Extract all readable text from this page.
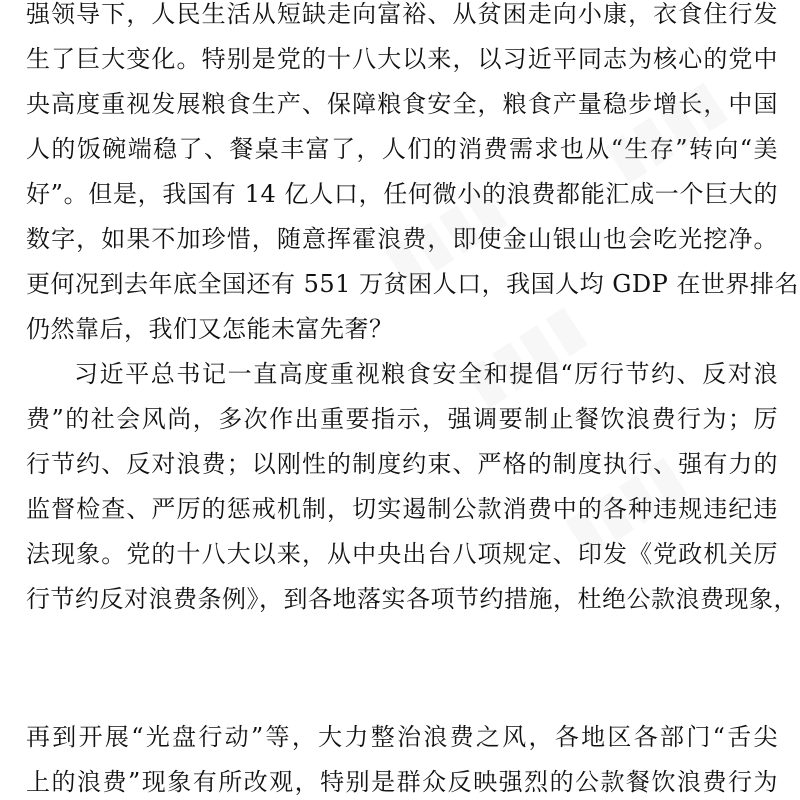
强领导下，人民生活从短缺走向富裕、从贫困走向小康，衣食住行发
生了巨大变化。特别是党的十八大以来，以习近平同志为核心的党中
央高度重视发展粮食生产、保障粮食安全，粮食产量稳步增长，中国
人的饭碗端稳了、餐桌丰富了，人们的消费需求也从“生存”转向“美
好”。但是，我国有 14 亿人口，任何微小的浪费都能汇成一个巨大的
数字，如果不加珍惜，随意挥霍浪费，即使金山银山也会吃光挖净。
更何况到去年底全国还有 551 万贫困人口，我国人均 GDP 在世界排名
仍然靠后，我们又怎能未富先奢？
习近平总书记一直高度重视粮食安全和提倡“厉行节约、反对浪
费”的社会风尚，多次作出重要指示，强调要制止餐饮浪费行为；厉
行节约、反对浪费；以刚性的制度约束、严格的制度执行、强有力的
监督检查、严厉的惩戒机制，切实遏制公款消费中的各种违规违纪违
法现象。党的十八大以来，从中央出台八项规定、印发《党政机关厉
行节约反对浪费条例》，到各地落实各项节约措施，杜绝公款浪费现象，
再到开展“光盘行动”等，大力整治浪费之风，各地区各部门“舌尖
上的浪费”现象有所改观，特别是群众反映强烈的公款餐饮浪费行为
▮▮▮▮
▮▮▮▮
▮▮▮▮
▮▮▮▮
